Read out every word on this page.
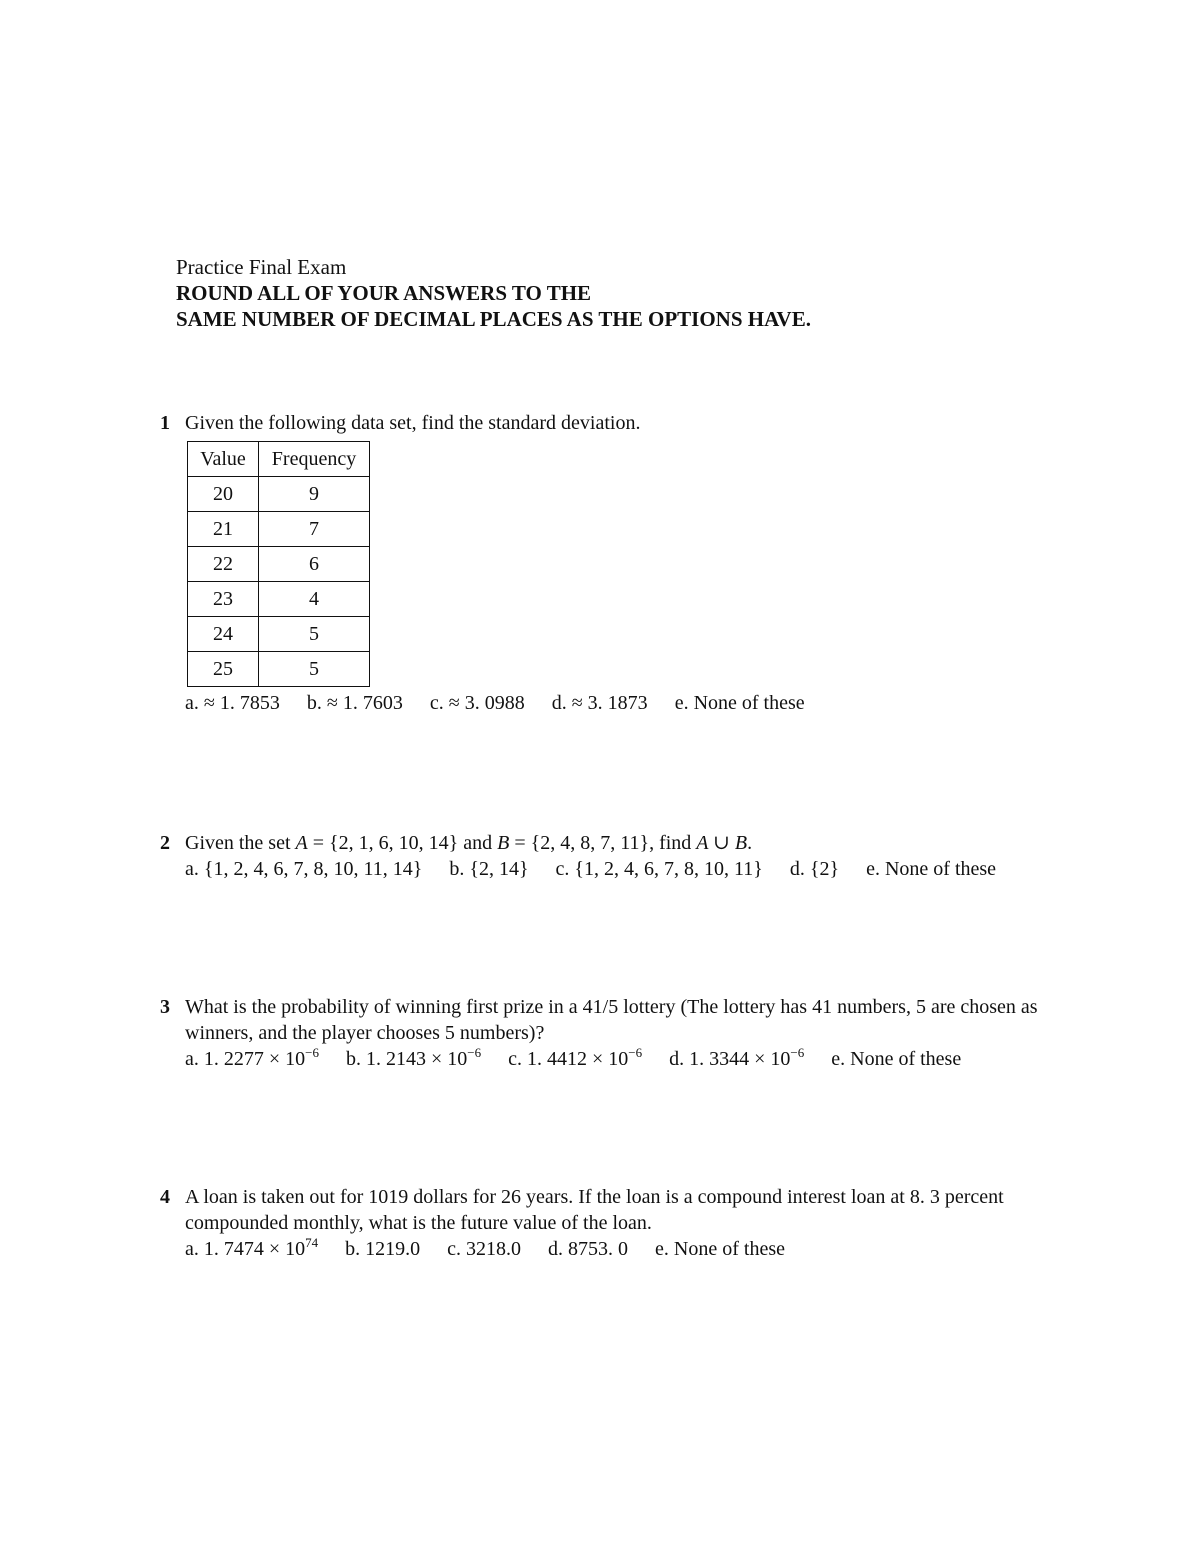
Practice Final Exam
ROUND ALL OF YOUR ANSWERS TO THE
SAME NUMBER OF DECIMAL PLACES AS THE OPTIONS HAVE.
1 Given the following data set, find the standard deviation.
Value	Frequency
20	9
21	7
22	6
23	4
24	5
25	5
a. ≈ 1. 7853 b. ≈ 1. 7603 c. ≈ 3. 0988 d. ≈ 3. 1873 e. None of these
2 Given the set A = {2, 1, 6, 10, 14} and B = {2, 4, 8, 7, 11}, find A ∪ B.
a. {1, 2, 4, 6, 7, 8, 10, 11, 14} b. {2, 14} c. {1, 2, 4, 6, 7, 8, 10, 11} d. {2} e. None of these
3 What is the probability of winning first prize in a 41/5 lottery (The lottery has 41 numbers, 5 are chosen as winners, and the player chooses 5 numbers)?
a. 1. $2277 \times 10^{-6}$ b. 1. $2143 \times 10^{-6}$ c. 1. $4412 \times 10^{-6}$ d. 1. $3344 \times 10^{-6}$ e. None of these
4 A loan is taken out for 1019 dollars for 26 years. If the loan is a compound interest loan at 8. 3 percent compounded monthly, what is the future value of the loan.
a. 1. $7474 \times 10^{74}$ b. 1219.0 c. 3218.0 d. 8753. 0 e. None of these
